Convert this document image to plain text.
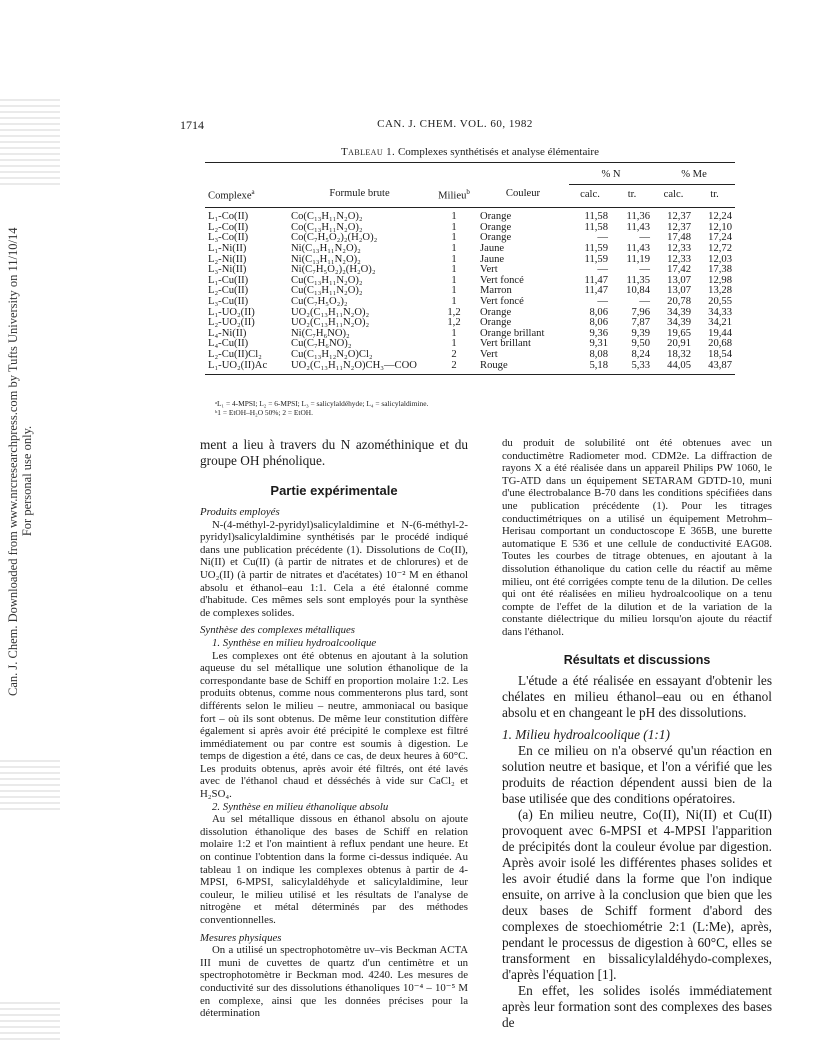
Can. J. Chem. Downloaded from www.nrcresearchpress.com by Tufts University on 11/10/14 For personal use only.
1714	CAN. J. CHEM. VOL. 60, 1982
Tableau 1. Complexes synthétisés et analyse élémentaire
				% N		% Me	
Complexe$^a$	Formule brute	Milieu$^b$	Couleur	calc.	tr.	calc.	tr.
L₁-Co(II)	Co(C₁₃H₁₁N₂O)₂	1	Orange	11,58	11,36	12,37	12,24
L₂-Co(II)	Co(C₁₃H₁₁N₂O)₂	1	Orange	11,58	11,43	12,37	12,10
L₃-Co(II)	Co(C₇H₅O₂)₂(H₂O)₂	1	Orange	—	—	17,48	17,24
L₁-Ni(II)	Ni(C₁₃H₁₁N₂O)₂	1	Jaune	11,59	11,43	12,33	12,72
L₂-Ni(II)	Ni(C₁₃H₁₁N₂O)₂	1	Jaune	11,59	11,19	12,33	12,03
L₃-Ni(II)	Ni(C₇H₅O₂)₂(H₂O)₂	1	Vert	—	—	17,42	17,38
L₁-Cu(II)	Cu(C₁₃H₁₁N₂O)₂	1	Vert foncé	11,47	11,35	13,07	12,98
L₂-Cu(II)	Cu(C₁₃H₁₁N₂O)₂	1	Marron	11,47	10,84	13,07	13,28
L₃-Cu(II)	Cu(C₇H₅O₂)₂	1	Vert foncé	—	—	20,78	20,55
L₁-UO₂(II)	UO₂(C₁₃H₁₁N₂O)₂	1,2	Orange	8,06	7,96	34,39	34,33
L₂-UO₂(II)	UO₂(C₁₃H₁₁N₂O)₂	1,2	Orange	8,06	7,87	34,39	34,21
L₄-Ni(II)	Ni(C₇H₆NO)₂	1	Orange brillant	9,36	9,39	19,65	19,44
L₄-Cu(II)	Cu(C₇H₆NO)₂	1	Vert brillant	9,31	9,50	20,91	20,68
L₂-Cu(II)Cl₂	Cu(C₁₃H₁₂N₂O)Cl₂	2	Vert	8,08	8,24	18,32	18,54
L₁-UO₂(II)Ac	UO₂(C₁₃H₁₁N₂O)CH₃—COO	2	Rouge	5,18	5,33	44,05	43,87
ᵃL₁ = 4-MPSI; L₂ = 6-MPSI; L₃ = salicylaldéhyde; L₄ = salicylaldimine.
ᵇ1 = EtOH–H₂O 50%; 2 = EtOH.

ment a lieu à travers du N azométhinique et du groupe OH phénolique.

Partie expérimentale

Produits employés

N-(4-méthyl-2-pyridyl)salicylaldimine et N-(6-méthyl-2-pyridyl)salicylaldimine synthétisés par le procédé indiqué dans une publication précédente (1). Dissolutions de Co(II), Ni(II) et Cu(II) (à partir de nitrates et de chlorures) et de UO₂(II) (à partir de nitrates et d'acétates) 10⁻² M en éthanol absolu et éthanol–eau 1:1. Cela a été étalonné comme d'habitude. Ces mêmes sels sont employés pour la synthèse de complexes solides.

Synthèse des complexes métalliques

1. Synthèse en milieu hydroalcoolique

Les complexes ont été obtenus en ajoutant à la solution aqueuse du sel métallique une solution éthanolique de la correspondante base de Schiff en proportion molaire 1:2. Les produits obtenus, comme nous commenterons plus tard, sont différents selon le milieu – neutre, ammoniacal ou basique fort – où ils sont obtenus. De même leur constitution diffère également si après avoir été précipité le complexe est filtré immédiatement ou par contre est soumis à digestion. Le temps de digestion a été, dans ce cas, de deux heures à 60°C. Les produits obtenus, après avoir été filtrés, ont été lavés avec de l'éthanol chaud et désséchés à vide sur CaCl₂ et H₂SO₄.

2. Synthèse en milieu éthanolique absolu

Au sel métallique dissous en éthanol absolu on ajoute dissolution éthanolique des bases de Schiff en relation molaire 1:2 et l'on maintient à reflux pendant une heure. Et on continue l'obtention dans la forme ci-dessus indiquée. Au tableau 1 on indique les complexes obtenus à partir de 4-MPSI, 6-MPSI, salicylaldéhyde et salicylaldimine, leur couleur, le milieu utilisé et les résultats de l'analyse de nitrogène et métal déterminés par des méthodes conventionnelles.

Mesures physiques

On a utilisé un spectrophotomètre uv–vis Beckman ACTA III muni de cuvettes de quartz d'un centimètre et un spectrophotomètre ir Beckman mod. 4240. Les mesures de conductivité sur des dissolutions éthanoliques 10⁻⁴ – 10⁻⁵ M en complexe, ainsi que les données précises pour la détermination

du produit de solubilité ont été obtenues avec un conductimètre Radiometer mod. CDM2e. La diffraction de rayons X a été réalisée dans un appareil Philips PW 1060, le TG-ATD dans un équipement SETARAM GDTD-10, muni d'une électrobalance B-70 dans les conditions spécifiées dans une publication précédente (1). Pour les titrages conductimétriques on a utilisé un équipement Metrohm–Herisau comportant un conductoscope E 365B, une burette automatique E 536 et une cellule de conductivité EAG08. Toutes les courbes de titrage obtenues, en ajoutant à la dissolution éthanolique du cation celle du réactif au même milieu, ont été corrigées compte tenu de la dilution. De celles qui ont été réalisées en milieu hydroalcoolique on a tenu compte de l'effet de la dilution et de la variation de la constante diélectrique du milieu lorsqu'on ajoute du réactif dans l'éthanol.

Résultats et discussions

L'étude a été réalisée en essayant d'obtenir les chélates en milieu éthanol–eau ou en éthanol absolu et en changeant le pH des dissolutions.

1. Milieu hydroalcoolique (1:1)

En ce milieu on n'a observé qu'un réaction en solution neutre et basique, et l'on a vérifié que les produits de réaction dépendent aussi bien de la base utilisée que des conditions opératoires.

(a) En milieu neutre, Co(II), Ni(II) et Cu(II) provoquent avec 6-MPSI et 4-MPSI l'apparition de précipités dont la couleur évolue par digestion. Après avoir isolé les différentes phases solides et les avoir étudié dans la forme que l'on indique ensuite, on arrive à la conclusion que bien que les deux bases de Schiff forment d'abord des complexes de stoechiométrie 2:1 (L:Me), après, pendant le processus de digestion à 60°C, elles se transforment en bissalicylaldéhydo-complexes, d'après l'équation [1].

En effet, les solides isolés immédiatement après leur formation sont des complexes des bases de
